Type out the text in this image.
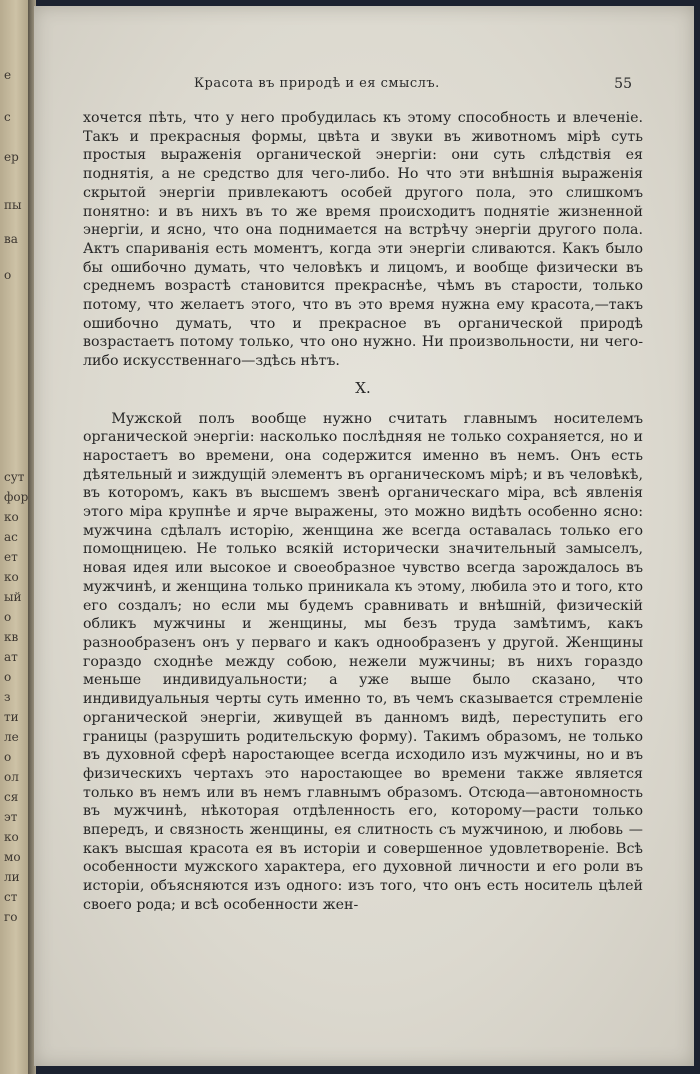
е
с
ер
пы
ва
о
сут
фор
ко
ас
ет
ко
ый
о
кв
ат
о
з
ти
ле
о
ол
ся
эт
ко
мо
ли
ст
го
Красота въ природѣ и ея смыслъ.	55

хочется пѣть, что у него пробудилась къ этому способность и влеченіе. Такъ и прекрасныя формы, цвѣта и звуки въ животномъ мірѣ суть простыя выраженія органической энергіи: они суть слѣдствія ея поднятія, а не средство для чего-либо. Но что эти внѣшнія выраженія скрытой энергіи привлекаютъ особей другого пола, это слишкомъ понятно: и въ нихъ въ то же время происходитъ поднятіе жизненной энергіи, и ясно, что она поднимается на встрѣчу энергіи другого пола. Актъ спариванія есть моментъ, когда эти энергіи сливаются. Какъ было бы ошибочно думать, что человѣкъ и лицомъ, и вообще физически въ среднемъ возрастѣ становится прекраснѣе, чѣмъ въ старости, только потому, что желаетъ этого, что въ это время нужна ему красота,—такъ ошибочно думать, что и прекрасное въ органической природѣ возрастаетъ потому только, что оно нужно. Ни произвольности, ни чего-либо искусственнаго—здѣсь нѣтъ.

X.

Мужской полъ вообще нужно считать главнымъ носителемъ органической энергіи: насколько послѣдняя не только сохраняется, но и наростаетъ во времени, она содержится именно въ немъ. Онъ есть дѣятельный и зиждущій элементъ въ органическомъ мірѣ; и въ человѣкѣ, въ которомъ, какъ въ высшемъ звенѣ органическаго міра, всѣ явленія этого міра крупнѣе и ярче выражены, это можно видѣть особенно ясно: мужчина сдѣлалъ исторію, женщина же всегда оставалась только его помощницею. Не только всякій исторически значительный замыселъ, новая идея или высокое и своеобразное чувство всегда зарождалось въ мужчинѣ, и женщина только приникала къ этому, любила это и того, кто его создалъ; но если мы будемъ сравнивать и внѣшній, физическій обликъ мужчины и женщины, мы безъ труда замѣтимъ, какъ разнообразенъ онъ у перваго и какъ однообразенъ у другой. Женщины гораздо сходнѣе между собою, нежели мужчины; въ нихъ гораздо меньше индивидуальности; а уже выше было сказано, что индивидуальныя черты суть именно то, въ чемъ сказывается стремленіе органической энергіи, живущей въ данномъ видѣ, переступить его границы (разрушить родительскую форму). Такимъ образомъ, не только въ духовной сферѣ наростающее всегда исходило изъ мужчины, но и въ физическихъ чертахъ это наростающее во времени также является только въ немъ или въ немъ главнымъ образомъ. Отсюда—автономность въ мужчинѣ, нѣкоторая отдѣленность его, которому—расти только впередъ, и связность женщины, ея слитность съ мужчиною, и любовь — какъ высшая красота ея въ исторіи и совершенное удовлетвореніе. Всѣ особенности мужского характера, его духовной личности и его роли въ исторіи, объясняются изъ одного: изъ того, что онъ есть носитель цѣлей своего рода; и всѣ особенности жен-
